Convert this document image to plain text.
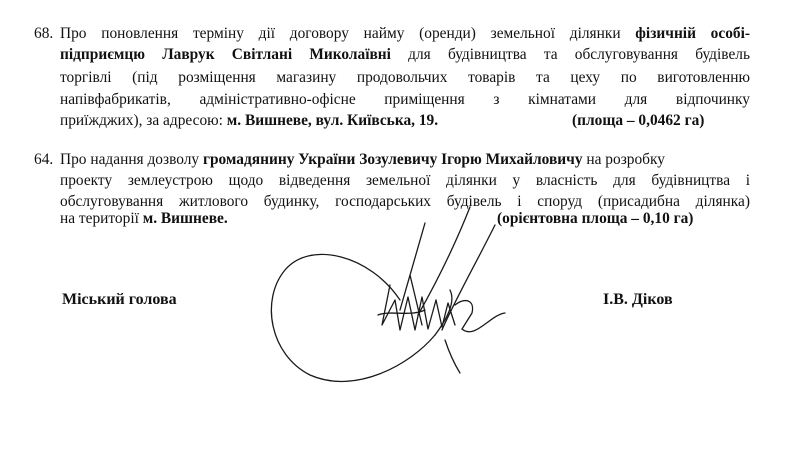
68. Про поновлення терміну дії договору найму (оренди) земельної ділянки фізичній особі-
підприємцю Лаврук Світлані Миколаївні для будівництва та обслуговування будівель
торгівлі (під розміщення магазину продовольчих товарів та цеху по виготовленню
напівфабрикатів, адміністративно-офісне приміщення з кімнатами для відпочинку
приїжджих), за адресою: м. Вишневе, вул. Київська, 19.	(площа – 0,0462 га)
64. Про надання дозволу громадянину України Зозулевичу Ігорю Михайловичу на розробку
проекту землеустрою щодо відведення земельної ділянки у власність для будівництва і
обслуговування житлового будинку, господарських будівель і споруд (присадибна ділянка)
на території м. Вишневе.	(орієнтовна площа – 0,10 га)
Міський голова	І.В. Діков
